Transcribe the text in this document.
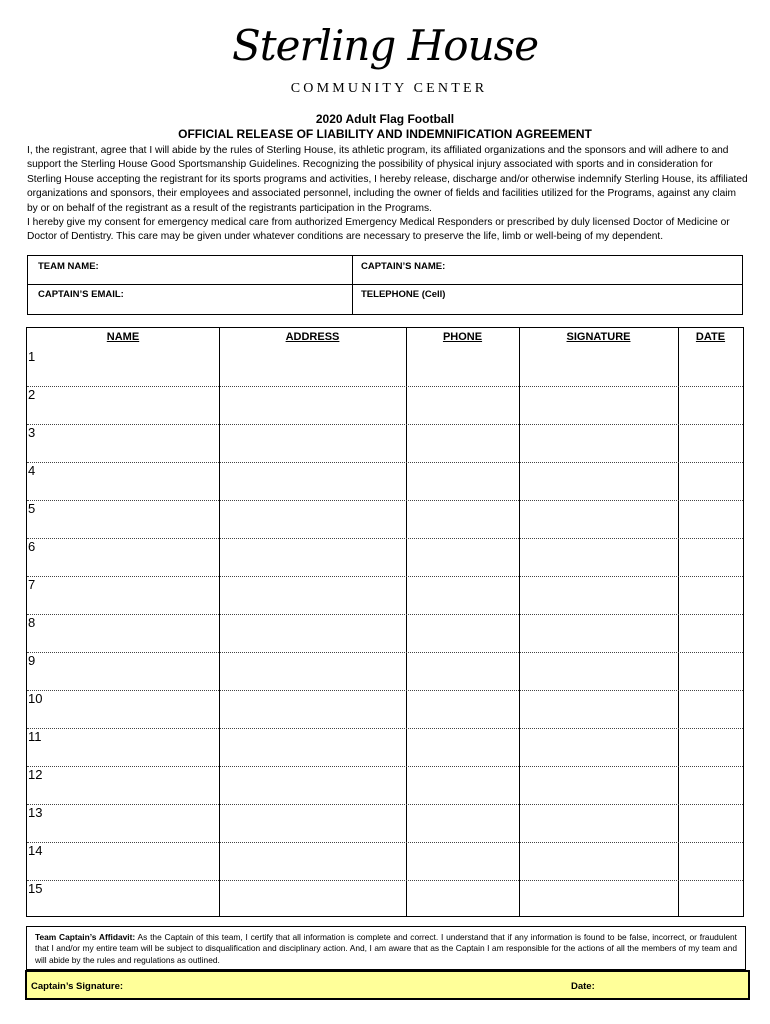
Sterling House
COMMUNITY CENTER
2020 Adult Flag Football
OFFICIAL RELEASE OF LIABILITY AND INDEMNIFICATION AGREEMENT

I, the registrant, agree that I will abide by the rules of Sterling House, its athletic program, its affiliated organizations and the sponsors and will adhere to and support the Sterling House Good Sportsmanship Guidelines. Recognizing the possibility of physical injury associated with sports and in consideration for Sterling House accepting the registrant for its sports programs and activities, I hereby release, discharge and/or otherwise indemnify Sterling House, its affiliated organizations and sponsors, their employees and associated personnel, including the owner of fields and facilities utilized for the Programs, against any claim by or on behalf of the registrant as a result of the registrants participation in the Programs.

I hereby give my consent for emergency medical care from authorized Emergency Medical Responders or prescribed by duly licensed Doctor of Medicine or Doctor of Dentistry. This care may be given under whatever conditions are necessary to preserve the life, limb or well-being of my dependent.

TEAM NAME:	CAPTAIN’S NAME:
CAPTAIN’S EMAIL:	TELEPHONE (Cell)
NAME	ADDRESS	PHONE	SIGNATURE	DATE
1
2
3
4
5
6
7
8
9
10
11
12
13
14
15
Team Captain’s Affidavit: As the Captain of this team, I certify that all information is complete and correct. I understand that if any information is found to be false, incorrect, or fraudulent that I and/or my entire team will be subject to disqualification and disciplinary action. And, I am aware that as the Captain I am responsible for the actions of all the members of my team and will abide by the rules and regulations as outlined.
Captain’s Signature:	Date:
